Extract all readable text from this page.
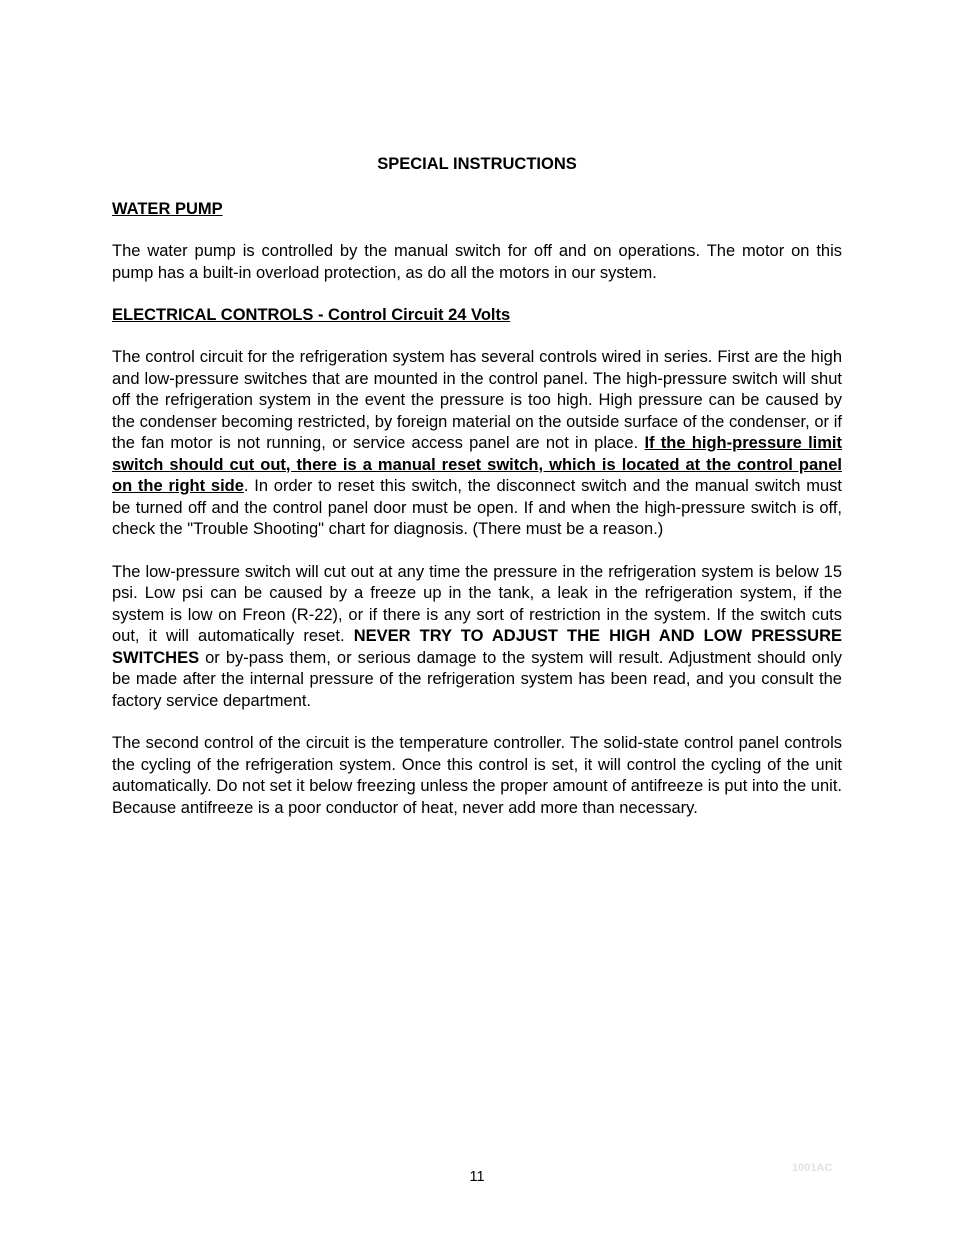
SPECIAL INSTRUCTIONS
WATER PUMP

The water pump is controlled by the manual switch for off and on operations. The motor on this pump has a built-in overload protection, as do all the motors in our system.

ELECTRICAL CONTROLS - Control Circuit 24 Volts

The control circuit for the refrigeration system has several controls wired in series. First are the high and low-pressure switches that are mounted in the control panel. The high-pressure switch will shut off the refrigeration system in the event the pressure is too high. High pressure can be caused by the condenser becoming restricted, by foreign material on the outside surface of the condenser, or if the fan motor is not running, or service access panel are not in place. If the high-pressure limit switch should cut out, there is a manual reset switch, which is located at the control panel on the right side. In order to reset this switch, the disconnect switch and the manual switch must be turned off and the control panel door must be open. If and when the high-pressure switch is off, check the "Trouble Shooting" chart for diagnosis. (There must be a reason.)

The low-pressure switch will cut out at any time the pressure in the refrigeration system is below 15 psi. Low psi can be caused by a freeze up in the tank, a leak in the refrigeration system, if the system is low on Freon (R-22), or if there is any sort of restriction in the system. If the switch cuts out, it will automatically reset. NEVER TRY TO ADJUST THE HIGH AND LOW PRESSURE SWITCHES or by-pass them, or serious damage to the system will result. Adjustment should only be made after the internal pressure of the refrigeration system has been read, and you consult the factory service department.

The second control of the circuit is the temperature controller. The solid-state control panel controls the cycling of the refrigeration system. Once this control is set, it will control the cycling of the unit automatically. Do not set it below freezing unless the proper amount of antifreeze is put into the unit. Because antifreeze is a poor conductor of heat, never add more than necessary.

1001AC
11
